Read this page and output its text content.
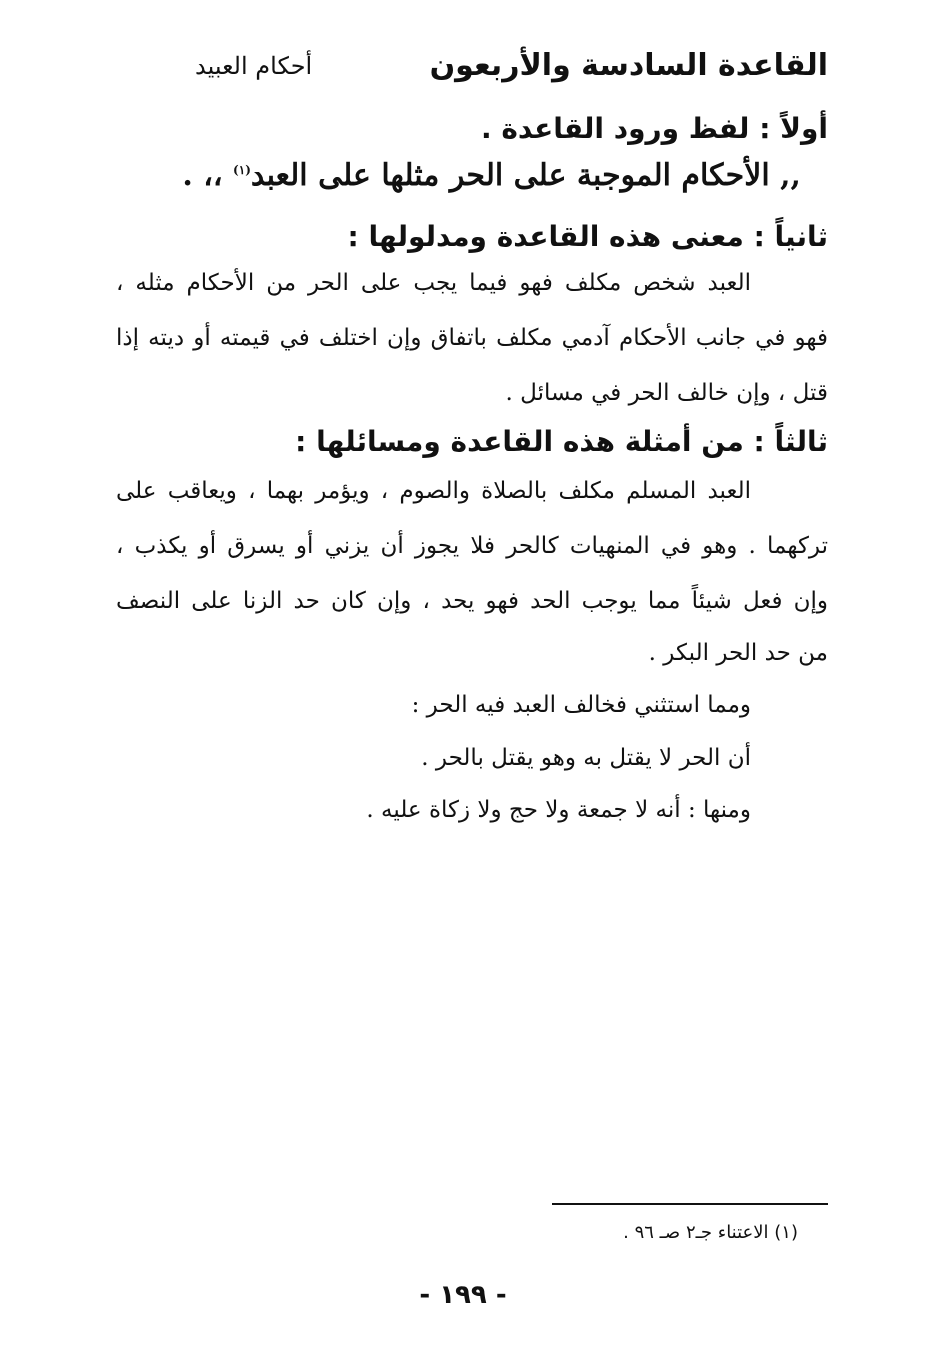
القاعدة السادسة والأربعون
أحكام العبيد
أولاً : لفظ ورود القاعدة .
,, الأحكام الموجبة على الحر مثلها على العبد$^{(١)}$ ،، .
ثانياً : معنى هذه القاعدة ومدلولها :
العبد شخص مكلف فهو فيما يجب على الحر من الأحكام مثله ،
فهو في جانب الأحكام آدمي مكلف باتفاق وإن اختلف في قيمته أو ديته إذا
قتل ، وإن خالف الحر في مسائل .
ثالثاً : من أمثلة هذه القاعدة ومسائلها :
العبد المسلم مكلف بالصلاة والصوم ، ويؤمر بهما ، ويعاقب على
تركهما . وهو في المنهيات كالحر فلا يجوز أن يزني أو يسرق أو يكذب ،
وإن فعل شيئاً مما يوجب الحد فهو يحد ، وإن كان حد الزنا على النصف
من حد الحر البكر .
ومما استثني فخالف العبد فيه الحر :
أن الحر لا يقتل به وهو يقتل بالحر .
ومنها : أنه لا جمعة ولا حج ولا زكاة عليه .
(١) الاعتناء جـ٢ صـ ٩٦ .
- ١٩٩ -
